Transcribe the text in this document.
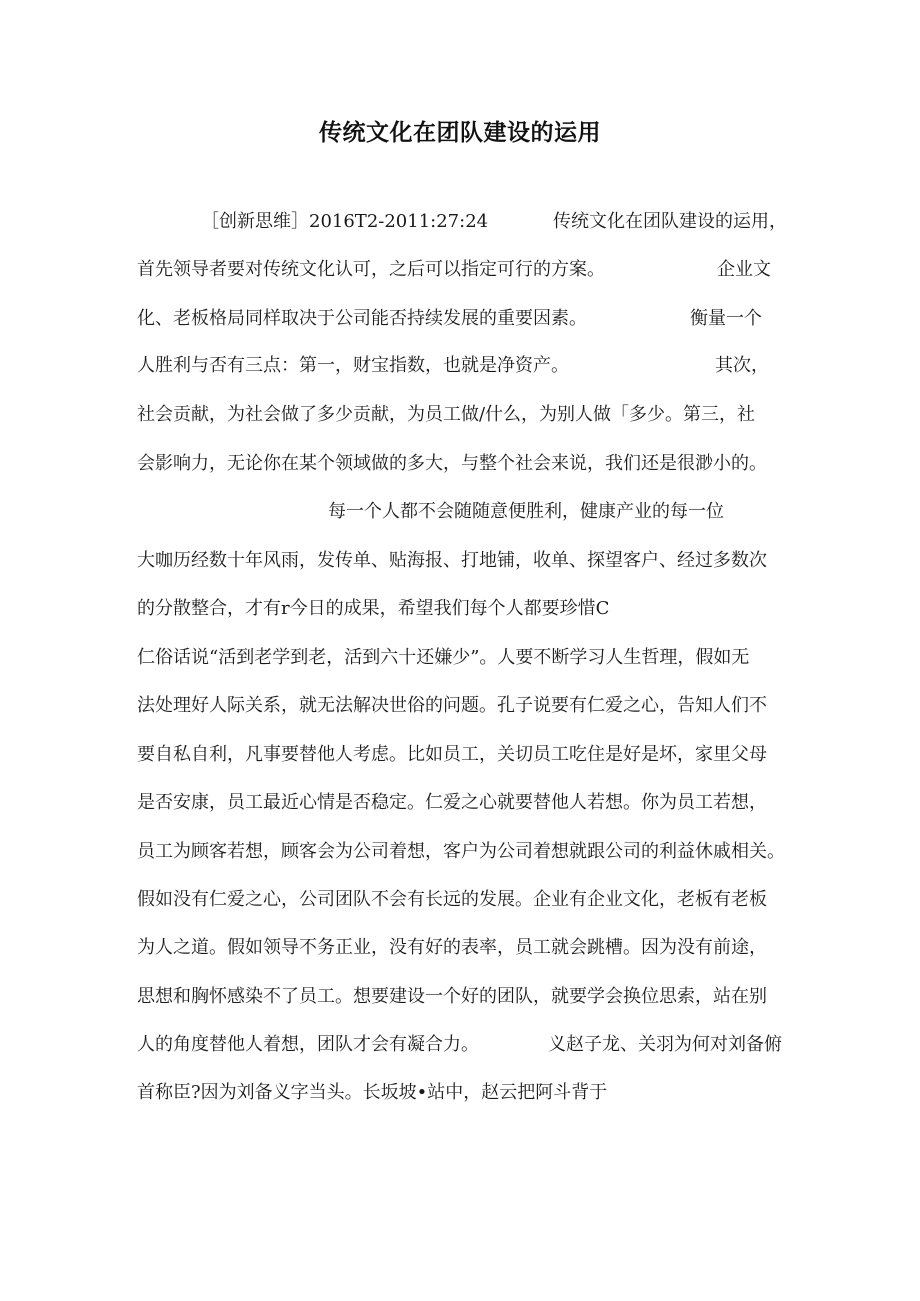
传统文化在团队建设的运用
［创新思维］2016T2-2011:27:24	传统文化在团队建设的运用，
首先领导者要对传统文化认可，之后可以指定可行的方案。	企业文
化、老板格局同样取决于公司能否持续发展的重要因素。	衡量一个
人胜利与否有三点：第一，财宝指数，也就是净资产。	其次，
社会贡献，为社会做了多少贡献，为员工做/什么，为别人做「多少。第三，社
会影响力，无论你在某个领域做的多大，与整个社会来说，我们还是很渺小的。
每一个人都不会随随意便胜利，健康产业的每一位
大咖历经数十年风雨，发传单、贴海报、打地铺，收单、探望客户、经过多数次
的分散整合，才有r今日的成果，希望我们每个人都要珍惜C
仁俗话说“活到老学到老，活到六十还嫌少”。人要不断学习人生哲理，假如无
法处理好人际关系，就无法解决世俗的问题。孔子说要有仁爱之心，告知人们不
要自私自利，凡事要替他人考虑。比如员工，关切员工吃住是好是坏，家里父母
是否安康，员工最近心情是否稳定。仁爱之心就要替他人若想。你为员工若想，
员工为顾客若想，顾客会为公司着想，客户为公司着想就跟公司的利益休戚相关。
假如没有仁爱之心，公司团队不会有长远的发展。企业有企业文化，老板有老板
为人之道。假如领导不务正业，没有好的表率，员工就会跳槽。因为没有前途，
思想和胸怀感染不了员工。想要建设一个好的团队，就要学会换位思索，站在别
人的角度替他人着想，团队才会有凝合力。	义赵子龙、关羽为何对刘备俯
首称臣?因为刘备义字当头。长坂坡•站中，赵云把阿斗背于
